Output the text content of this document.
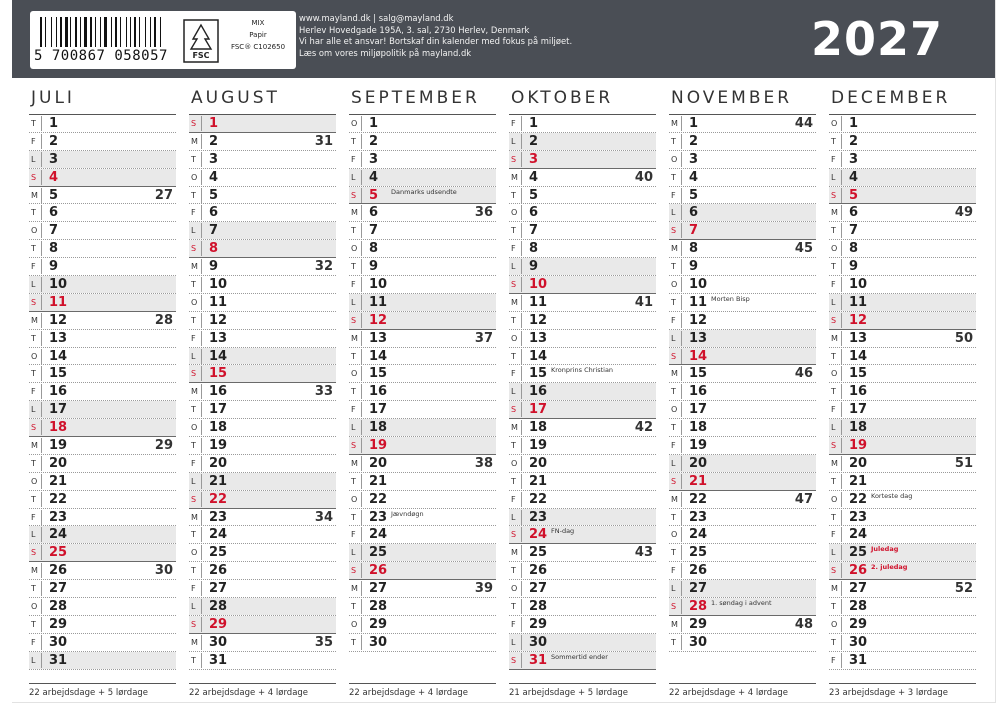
5 700867 058057	FSC
MIX
Papir
FSC® C102650
www.mayland.dk | salg@mayland.dk
Herlev Hovedgade 195A, 3. sal, 2730 Herlev, Denmark
Vi har alle et ansvar! Bortskaf din kalender med fokus på miljøet.
Læs om vores miljøpolitik på mayland.dk	2027
JULI
T 1
F 2
L 3
S 4
M 5	27
T 6
O 7
T 8
F 9
L 10
S 11
M 12	28
T 13
O 14
T 15
F 16
L 17
S 18
M 19	29
T 20
O 21
T 22
F 23
L 24
S 25
M 26	30
T 27
O 28
T 29
F 30
L 31
22 arbejdsdage + 5 lørdage
AUGUST
S 1
M 2	31
T 3
O 4
T 5
F 6
L 7
S 8
M 9	32
T 10
O 11
T 12
F 13
L 14
S 15
M 16	33
T 17
O 18
T 19
F 20
L 21
S 22
M 23	34
T 24
O 25
T 26
F 27
L 28
S 29
M 30	35
T 31
22 arbejdsdage + 4 lørdage
SEPTEMBER
O 1
T 2
F 3
L 4
S 5 Danmarks udsendte
M 6	36
T 7
O 8
T 9
F 10
L 11
S 12
M 13	37
T 14
O 15
T 16
F 17
L 18
S 19
M 20	38
T 21
O 22
T 23 Jævndøgn
F 24
L 25
S 26
M 27	39
T 28
O 29
T 30
22 arbejdsdage + 4 lørdage
OKTOBER
F 1
L 2
S 3
M 4	40
T 5
O 6
T 7
F 8
L 9
S 10
M 11	41
T 12
O 13
T 14
F 15 Kronprins Christian
L 16
S 17
M 18	42
T 19
O 20
T 21
F 22
L 23
S 24 FN-dag
M 25	43
T 26
O 27
T 28
F 29
L 30
S 31 Sommertid ender
21 arbejdsdage + 5 lørdage
NOVEMBER
M 1	44
T 2
O 3
T 4
F 5
L 6
S 7
M 8	45
T 9
O 10
T 11 Morten Bisp
F 12
L 13
S 14
M 15	46
T 16
O 17
T 18
F 19
L 20
S 21
M 22	47
T 23
O 24
T 25
F 26
L 27
S 28 1. søndag i advent
M 29	48
T 30
22 arbejdsdage + 4 lørdage
DECEMBER
O 1
T 2
F 3
L 4
S 5
M 6	49
T 7
O 8
T 9
F 10
L 11
S 12
M 13	50
T 14
O 15
T 16
F 17
L 18
S 19
M 20	51
T 21
O 22 Korteste dag
T 23
F 24
L 25 Juledag
S 26 2. juledag
M 27	52
T 28
O 29
T 30
F 31
23 arbejdsdage + 3 lørdage
